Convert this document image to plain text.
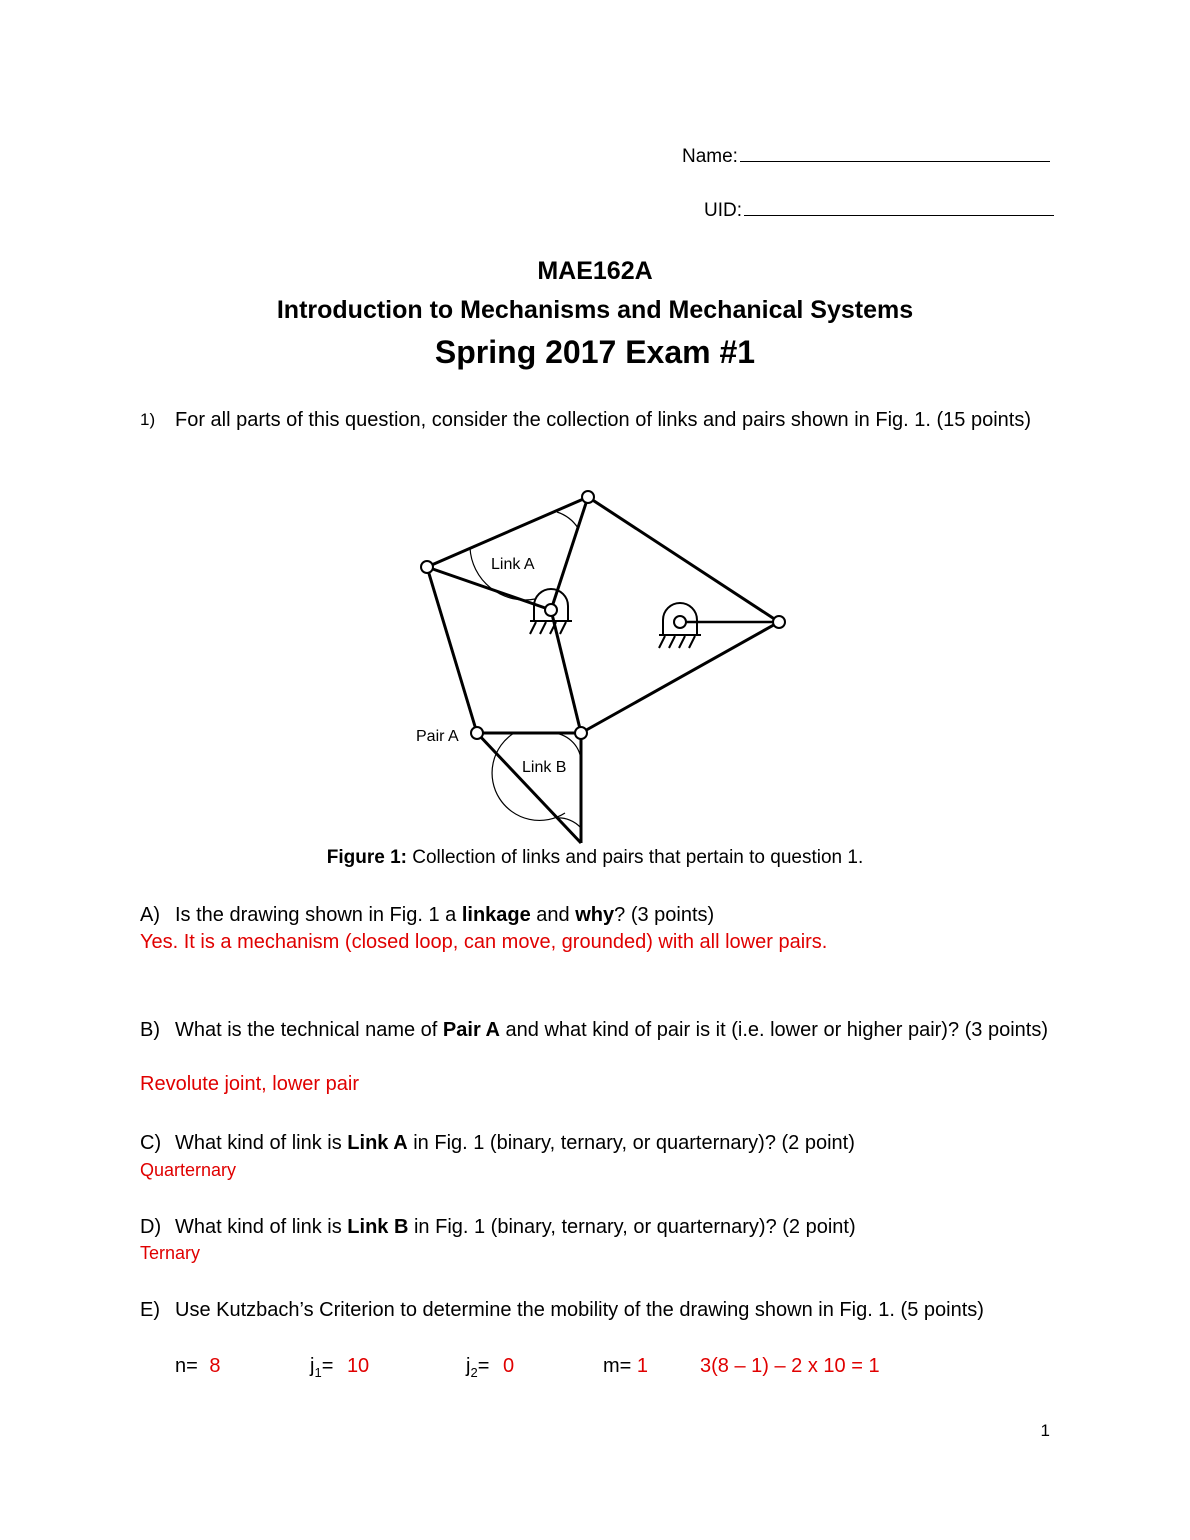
Name:
UID:
MAE162A
Introduction to Mechanisms and Mechanical Systems
Spring 2017 Exam #1
1) For all parts of this question, consider the collection of links and pairs shown in Fig. 1. (15 points)
Link A
Link B
Pair A
Figure 1: Collection of links and pairs that pertain to question 1.
A) Is the drawing shown in Fig. 1 a linkage and why? (3 points)
Yes. It is a mechanism (closed loop, can move, grounded) with all lower pairs.
B) What is the technical name of Pair A and what kind of pair is it (i.e. lower or higher pair)? (3 points)
Revolute joint, lower pair
C) What kind of link is Link A in Fig. 1 (binary, ternary, or quarternary)? (2 point)
Quarternary
D) What kind of link is Link B in Fig. 1 (binary, ternary, or quarternary)? (2 point)
Ternary
E) Use Kutzbach’s Criterion to determine the mobility of the drawing shown in Fig. 1. (5 points)
n= 8	$j_1= 10$	$j_2= 0$	m= 1	3(8 – 1) – 2 x 10 = 1
1
